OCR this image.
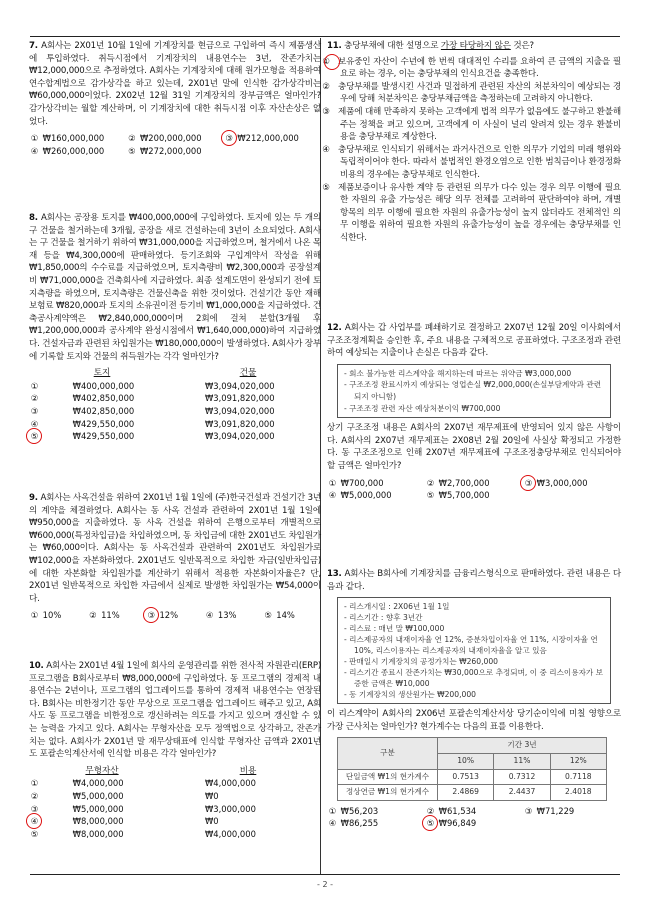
7. A회사는 2X01년 10월 1일에 기계장치를 현금으로 구입하여 즉시 제품생산에 투입하였다. 취득시점에서 기계장치의 내용연수는 3년, 잔존가치는 ₩12,000,000으로 추정하였다. A회사는 기계장치에 대해 원가모형을 적용하여 연수합계법으로 감가상각을 하고 있는데, 2X01년 말에 인식한 감가상각비는 ₩60,000,000이었다. 2X02년 12월 31일 기계장치의 장부금액은 얼마인가? 감가상각비는 월할 계산하며, 이 기계장치에 대한 취득시점 이후 자산손상은 없었다.
① ₩160,000,000	② ₩200,000,000	③ ₩212,000,000
④ ₩260,000,000	⑤ ₩272,000,000
8. A회사는 공장용 토지를 ₩400,000,000에 구입하였다. 토지에 있는 두 개의 구 건물을 철거하는데 3개월, 공장을 새로 건설하는데 3년이 소요되었다. A회사는 구 건물을 철거하기 위하여 ₩31,000,000을 지급하였으며, 철거에서 나온 목재 등을 ₩4,300,000에 판매하였다. 등기조회와 구입계약서 작성을 위해 ₩1,850,000의 수수료를 지급하였으며, 토지측량비 ₩2,300,000과 공장설계비 ₩71,000,000을 건축회사에 지급하였다. 최종 설계도면이 완성되기 전에 토지측량을 하였으며, 토지측량은 건물신축을 위한 것이었다. 건설기간 동안 재해보험료 ₩820,000과 토지의 소유권이전 등기비 ₩1,000,000을 지급하였다. 건축공사계약액은 ₩2,840,000,000이며 2회에 걸쳐 분할(3개월 후 ₩1,200,000,000과 공사계약 완성시점에서 ₩1,640,000,000)하여 지급하였다. 건설자금과 관련된 차입원가는 ₩180,000,000이 발생하였다. A회사가 장부에 기록할 토지와 건물의 취득원가는 각각 얼마인가?
토지	건물
①	₩400,000,000	₩3,094,020,000
②	₩402,850,000	₩3,091,820,000
③	₩402,850,000	₩3,094,020,000
④	₩429,550,000	₩3,091,820,000
⑤	₩429,550,000	₩3,094,020,000
9. A회사는 사옥건설을 위하여 2X01년 1월 1일에 (주)한국건설과 건설기간 3년의 계약을 체결하였다. A회사는 동 사옥 건설과 관련하여 2X01년 1월 1일에 ₩950,000을 지출하였다. 동 사옥 건설을 위하여 은행으로부터 개별적으로 ₩600,000(특정차입금)을 차입하였으며, 동 차입금에 대한 2X01년도 차입원가는 ₩60,000이다. A회사는 동 사옥건설과 관련하여 2X01년도 차입원가로 ₩102,000을 자본화하였다. 2X01년도 일반목적으로 차입한 자금(일반차입금)에 대한 자본화할 차입원가를 계산하기 위해서 적용한 자본화이자율은? 단, 2X01년 일반목적으로 차입한 자금에서 실제로 발생한 차입원가는 ₩54,000이다.
① 10%	② 11%	③ 12%	④ 13%	⑤ 14%
10. A회사는 2X01년 4월 1일에 회사의 운영관리를 위한 전사적 자원관리(ERP)프로그램을 B회사로부터 ₩8,000,000에 구입하였다. 동 프로그램의 경제적 내용연수는 2년이나, 프로그램의 업그레이드를 통하여 경제적 내용연수는 연장된다. B회사는 비한정기간 동안 무상으로 프로그램을 업그레이드 해주고 있고, A회사도 동 프로그램을 비한정으로 갱신하려는 의도를 가지고 있으며 갱신할 수 있는 능력을 가지고 있다. A회사는 무형자산을 모두 정액법으로 상각하고, 잔존가치는 없다. A회사가 2X01년 말 재무상태표에 인식할 무형자산 금액과 2X01년도 포괄손익계산서에 인식할 비용은 각각 얼마인가?
무형자산	비용
①	₩4,000,000	₩4,000,000
②	₩5,000,000	₩0
③	₩5,000,000	₩3,000,000
④	₩8,000,000	₩0
⑤	₩8,000,000	₩4,000,000
11. 충당부채에 대한 설명으로 가장 타당하지 않은 것은?
① 보유중인 자산이 수년에 한 번씩 대대적인 수리를 요하여 큰 금액의 지출을 필요로 하는 경우, 이는 충당부채의 인식요건을 충족한다.
② 충당부채를 발생시킨 사건과 밀접하게 관련된 자산의 처분차익이 예상되는 경우에 당해 처분차익은 충당부채금액을 측정하는데 고려하지 아니한다.
③ 제품에 대해 만족하지 못하는 고객에게 법적 의무가 없음에도 불구하고 환불해 주는 정책을 펴고 있으며, 고객에게 이 사실이 널리 알려져 있는 경우 환불비용을 충당부채로 계상한다.
④ 충당부채로 인식되기 위해서는 과거사건으로 인한 의무가 기업의 미래 행위와 독립적이어야 한다. 따라서 불법적인 환경오염으로 인한 범칙금이나 환경정화비용의 경우에는 충당부채로 인식한다.
⑤ 제품보증이나 유사한 계약 등 관련된 의무가 다수 있는 경우 의무 이행에 필요한 자원의 유출 가능성은 해당 의무 전체를 고려하여 판단하여야 하며, 개별 항목의 의무 이행에 필요한 자원의 유출가능성이 높지 않더라도 전체적인 의무 이행을 위하여 필요한 자원의 유출가능성이 높을 경우에는 충당부채를 인식한다.
12. A회사는 갑 사업부를 폐쇄하기로 결정하고 2X07년 12월 20일 이사회에서 구조조정계획을 승인한 후, 주요 내용을 구체적으로 공표하였다. 구조조정과 관련하여 예상되는 지출이나 손실은 다음과 같다.
- 회소 불가능한 리스계약을 해지하는데 따르는 위약금 ₩3,000,000
- 구조조정 완료시까지 예상되는 영업손실 ₩2,000,000(손실부담계약과 관련되지 아니함)
- 구조조정 관련 자산 예상처분이익 ₩700,000
상기 구조조정 내용은 A회사의 2X07년 재무제표에 반영되어 있지 않은 사항이다. A회사의 2X07년 재무제표는 2X08년 2월 20일에 사실상 확정되고 가정한다. 동 구조조정으로 인해 2X07년 재무제표에 구조조정충당부채로 인식되어야 할 금액은 얼마인가?
① ₩700,000	② ₩2,700,000	③ ₩3,000,000
④ ₩5,000,000	⑤ ₩5,700,000
13. A회사는 B회사에 기계장치를 금융리스형식으로 판매하였다. 관련 내용은 다음과 같다.
- 리스개시일 : 2X06년 1월 1일
- 리스기간 : 향후 3년간
- 리스료 : 매년 말 ₩100,000
- 리스제공자의 내재이자율 연 12%, 증분차입이자율 연 11%, 시장이자율 연 10%, 리스이용자는 리스제공자의 내재이자율을 알고 있음
- 판매일시 기계장치의 공정가치는 ₩260,000
- 리스기간 종료시 잔존가치는 ₩30,000으로 추정되며, 이 중 리스이용자가 보증한 금액은 ₩10,000
- 동 기계장치의 생산원가는 ₩200,000
이 리스계약이 A회사의 2X06년 포괄손익계산서상 당기순이익에 미칠 영향으로 가장 근사치는 얼마인가? 현가계수는 다음의 표를 이용한다.
구분	기간 3년		
	10%	11%	12%
단일금액 ₩1의 현가계수	0.7513	0.7312	0.7118
정상연금 ₩1의 현가계수	2.4869	2.4437	2.4018
① ₩56,203	② ₩61,534	③ ₩71,229
④ ₩86,255	⑤ ₩96,849
- 2 -
